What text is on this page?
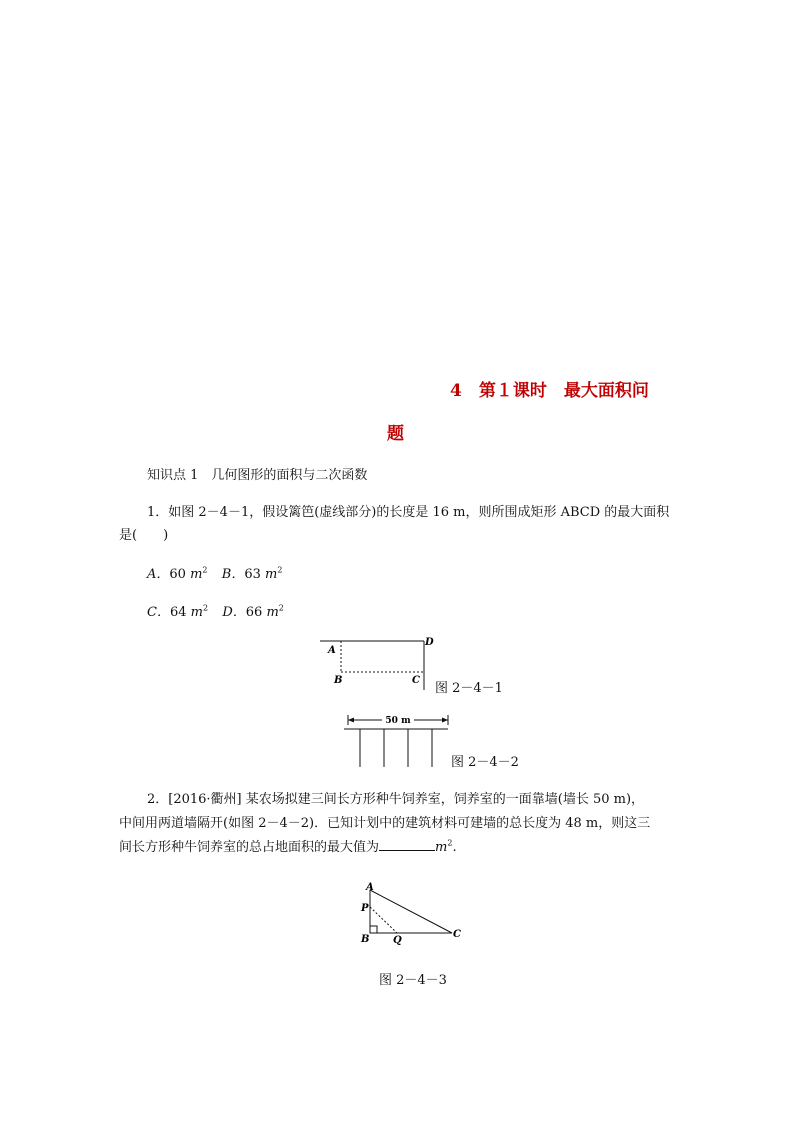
4　第１课时　最大面积问
题
知识点 1　几何图形的面积与二次函数
1．如图 2－4－1，假设篱笆(虚线部分)的长度是 16 m，则所围成矩形 ABCD 的最大面积
是(　　)
A．60 $m^2$ B．63 $m^2$
C．64 $m^2$ D．66 $m^2$
A
B	C
D
图 2－4－1
50 m
图 2－4－2
2．[2016·衢州] 某农场拟建三间长方形种牛饲养室，饲养室的一面靠墙(墙长 50 m)，
中间用两道墙隔开(如图 2－4－2)．已知计划中的建筑材料可建墙的总长度为 48 m，则这三
间长方形种牛饲养室的总占地面积的最大值为	$m^2$.
A
P
B Q
C
图 2－4－3
